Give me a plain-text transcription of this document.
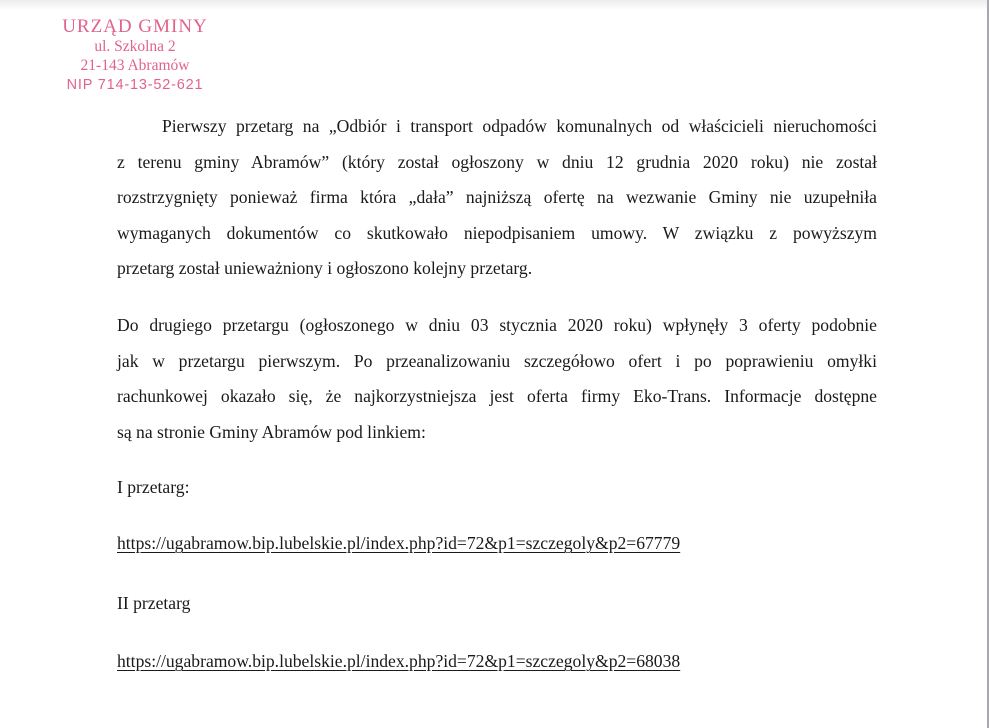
URZĄD GMINY
ul. Szkolna 2
21-143 Abramów
NIP 714-13-52-621
Pierwszy przetarg na „Odbiór i transport odpadów komunalnych od właścicieli nieruchomości
z terenu gminy Abramów” (który został ogłoszony w dniu 12 grudnia 2020 roku) nie został
rozstrzygnięty ponieważ firma która „dała” najniższą ofertę na wezwanie Gminy nie uzupełniła
wymaganych dokumentów co skutkowało niepodpisaniem umowy. W związku z powyższym
przetarg został unieważniony i ogłoszono kolejny przetarg.
Do drugiego przetargu (ogłoszonego w dniu 03 stycznia 2020 roku) wpłynęły 3 oferty podobnie
jak w przetargu pierwszym. Po przeanalizowaniu szczegółowo ofert i po poprawieniu omyłki
rachunkowej okazało się, że najkorzystniejsza jest oferta firmy Eko-Trans. Informacje dostępne
są na stronie Gminy Abramów pod linkiem:
I przetarg:
https://ugabramow.bip.lubelskie.pl/index.php?id=72&p1=szczegoly&p2=67779
II przetarg
https://ugabramow.bip.lubelskie.pl/index.php?id=72&p1=szczegoly&p2=68038
